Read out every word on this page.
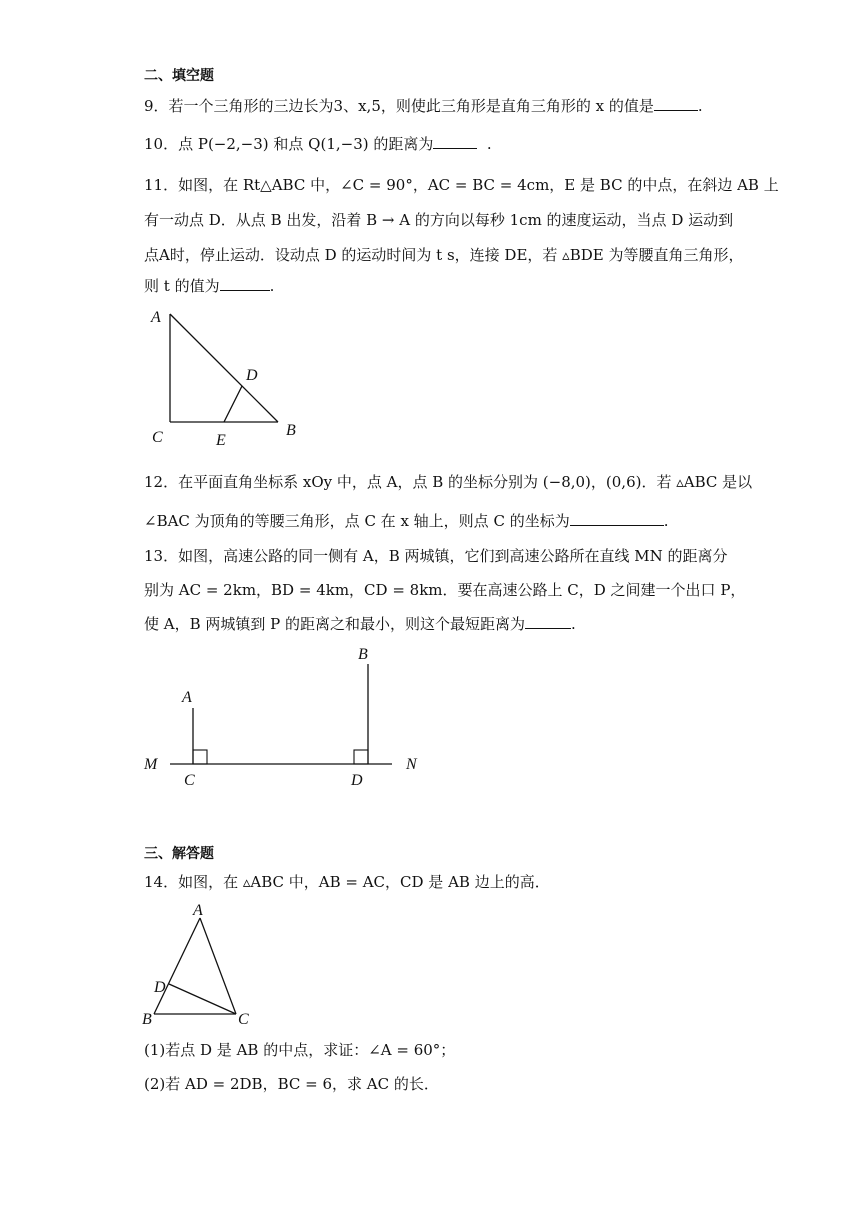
二、填空题
9．若一个三角形的三边长为3、x,5，则使此三角形是直角三角形的 x 的值是	.
10．点 P(−2,−3) 和点 Q(1,−3) 的距离为	.
11．如图，在 Rt△ABC 中，∠C = 90°，AC = BC = 4cm，E 是 BC 的中点，在斜边 AB 上
有一动点 D．从点 B 出发，沿着 B → A 的方向以每秒 1cm 的速度运动，当点 D 运动到
点A时，停止运动．设动点 D 的运动时间为 t s，连接 DE，若 ▵BDE 为等腰直角三角形，
则 t 的值为	.
A
D
C	E
B
12．在平面直角坐标系 xOy 中，点 A，点 B 的坐标分别为 (−8,0)，(0,6)．若 ▵ABC 是以
∠BAC 为顶角的等腰三角形，点 C 在 x 轴上，则点 C 的坐标为	.
13．如图，高速公路的同一侧有 A，B 两城镇，它们到高速公路所在直线 MN 的距离分
别为 AC = 2km，BD = 4km，CD = 8km．要在高速公路上 C，D 之间建一个出口 P，
使 A，B 两城镇到 P 的距离之和最小，则这个最短距离为	.
B
A
M	N
C	D
三、解答题
14．如图，在 ▵ABC 中，AB = AC，CD 是 AB 边上的高．
A
D
B	C
(1)若点 D 是 AB 的中点，求证：∠A = 60°；
(2)若 AD = 2DB，BC = 6，求 AC 的长．
